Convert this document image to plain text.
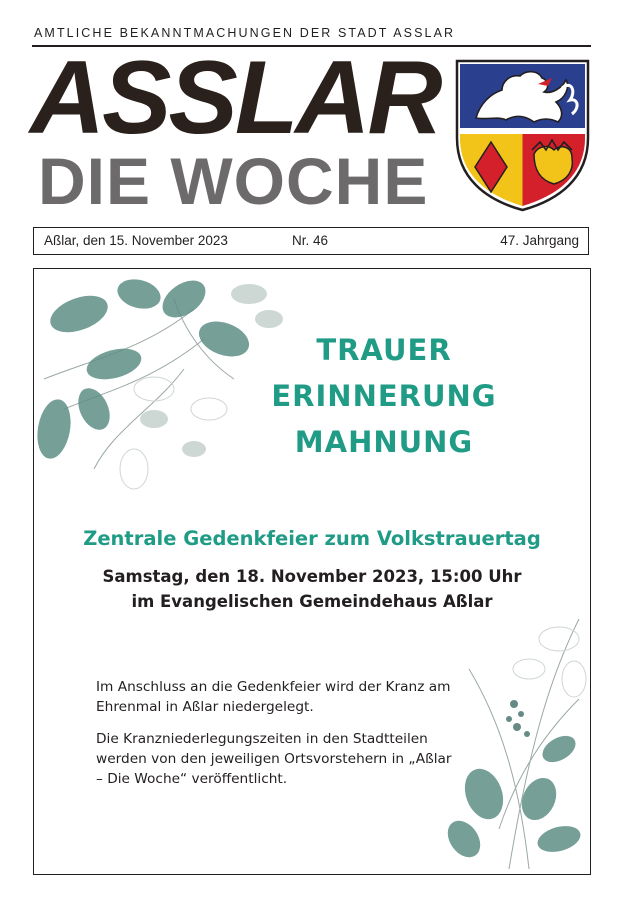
AMTLICHE BEKANNTMACHUNGEN DER STADT ASSLAR
ASSLAR
DIE WOCHE
Aßlar, den 15. November 2023	Nr. 46	47. Jahrgang
TRAUER
ERINNERUNG
MAHNUNG
Zentrale Gedenkfeier zum Volkstrauertag
Samstag, den 18. November 2023, 15:00 Uhr
im Evangelischen Gemeindehaus Aßlar
Im Anschluss an die Gedenkfeier wird der Kranz am Ehrenmal in Aßlar niedergelegt.
Die Kranzniederlegungszeiten in den Stadtteilen werden von den jeweiligen Ortsvorstehern in „Aßlar – Die Woche“ veröffentlicht.
